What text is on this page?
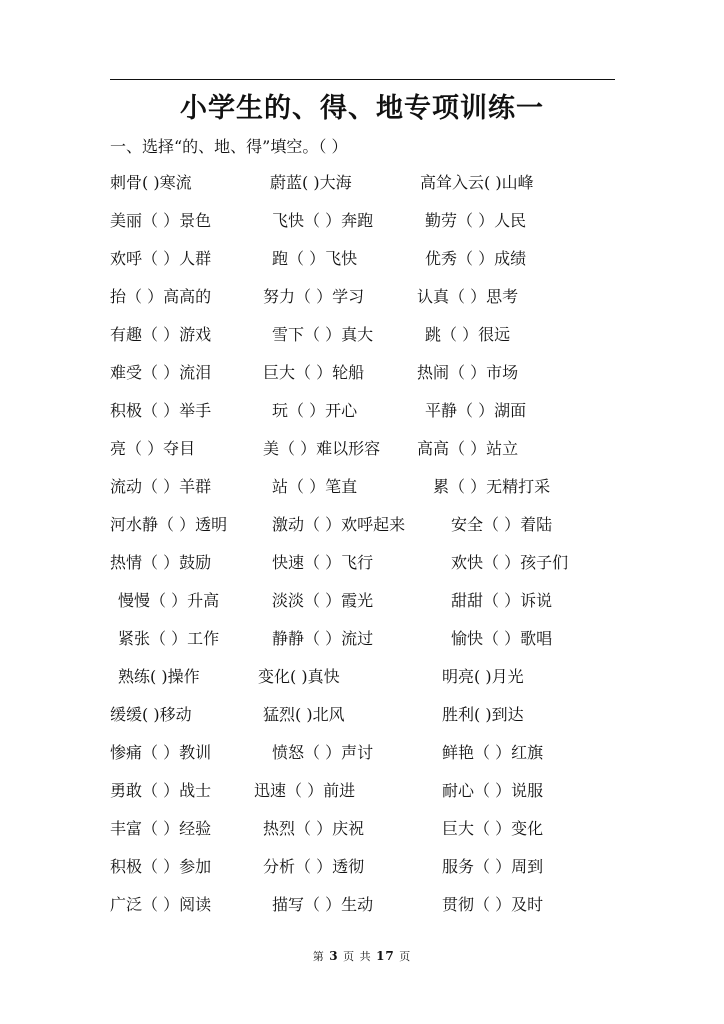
小学生的、得、地专项训练一
一、选择“的、地、得”填空。（ ）
刺骨( )寒流	蔚蓝( )大海	高耸入云( )山峰
美丽（ ）景色	飞快（ ）奔跑	勤劳（ ）人民
欢呼（ ）人群	跑（ ）飞快	优秀（ ）成绩
抬（ ）高高的	努力（ ）学习	认真（ ）思考
有趣（ ）游戏	雪下（ ）真大	跳（ ）很远
难受（ ）流泪	巨大（ ）轮船	热闹（ ）市场
积极（ ）举手	玩（ ）开心	平静（ ）湖面
亮（ ）夺目	美（ ）难以形容 高高（ ）站立
流动（ ）羊群	站（ ）笔直	累（ ）无精打采
河水静（ ）透明	激动（ ）欢呼起来	安全（ ）着陆
热情（ ）鼓励	快速（ ）飞行	欢快（ ）孩子们
慢慢（ ）升高	淡淡（ ）霞光	甜甜（ ）诉说
紧张（ ）工作	静静（ ）流过	愉快（ ）歌唱
熟练( )操作	变化( )真快	明亮( )月光
缓缓( )移动	猛烈( )北风	胜利( )到达
惨痛（ ）教训	愤怒（ ）声讨	鲜艳（ ）红旗
勇敢（ ）战士	迅速（ ）前进	耐心（ ）说服
丰富（ ）经验	热烈（ ）庆祝	巨大（ ）变化
积极（ ）参加	分析（ ）透彻	服务（ ）周到
广泛（ ）阅读	描写（ ）生动	贯彻（ ）及时
第 3 页 共 17 页
